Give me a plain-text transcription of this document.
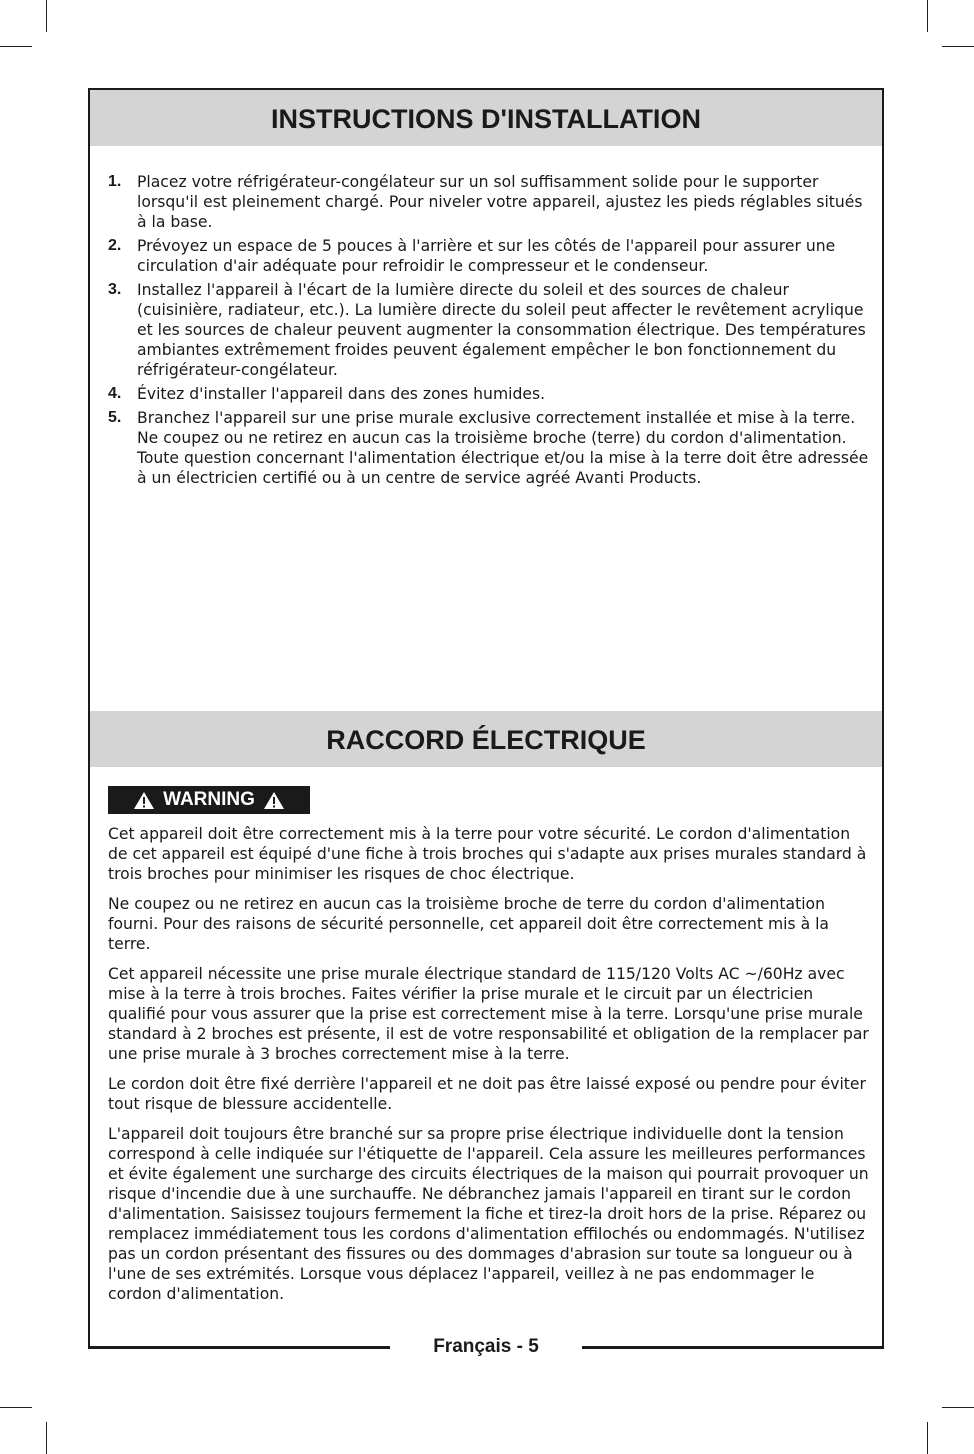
INSTRUCTIONS D'INSTALLATION
1. Placez votre réfrigérateur-congélateur sur un sol suffisamment solide pour le supporter lorsqu'il est pleinement chargé. Pour niveler votre appareil, ajustez les pieds réglables situés à la base.
2. Prévoyez un espace de 5 pouces à l'arrière et sur les côtés de l'appareil pour assurer une circulation d'air adéquate pour refroidir le compresseur et le condenseur.
3. Installez l'appareil à l'écart de la lumière directe du soleil et des sources de chaleur (cuisinière, radiateur, etc.). La lumière directe du soleil peut affecter le revêtement acrylique et les sources de chaleur peuvent augmenter la consommation électrique. Des températures ambiantes extrêmement froides peuvent également empêcher le bon fonctionnement du réfrigérateur-congélateur.
4. Évitez d'installer l'appareil dans des zones humides.
5. Branchez l'appareil sur une prise murale exclusive correctement installée et mise à la terre. Ne coupez ou ne retirez en aucun cas la troisième broche (terre) du cordon d'alimentation. Toute question concernant l'alimentation électrique et/ou la mise à la terre doit être adressée à un électricien certifié ou à un centre de service agréé Avanti Products.
RACCORD ÉLECTRIQUE
WARNING

Cet appareil doit être correctement mis à la terre pour votre sécurité. Le cordon d'alimentation de cet appareil est équipé d'une fiche à trois broches qui s'adapte aux prises murales standard à trois broches pour minimiser les risques de choc électrique.

Ne coupez ou ne retirez en aucun cas la troisième broche de terre du cordon d'alimentation fourni. Pour des raisons de sécurité personnelle, cet appareil doit être correctement mis à la terre.

Cet appareil nécessite une prise murale électrique standard de 115/120 Volts AC ~/60Hz avec mise à la terre à trois broches. Faites vérifier la prise murale et le circuit par un électricien qualifié pour vous assurer que la prise est correctement mise à la terre. Lorsqu'une prise murale standard à 2 broches est présente, il est de votre responsabilité et obligation de la remplacer par une prise murale à 3 broches correctement mise à la terre.

Le cordon doit être fixé derrière l'appareil et ne doit pas être laissé exposé ou pendre pour éviter tout risque de blessure accidentelle.

L'appareil doit toujours être branché sur sa propre prise électrique individuelle dont la tension correspond à celle indiquée sur l'étiquette de l'appareil. Cela assure les meilleures performances et évite également une surcharge des circuits électriques de la maison qui pourrait provoquer un risque d'incendie due à une surchauffe. Ne débranchez jamais l'appareil en tirant sur le cordon d'alimentation. Saisissez toujours fermement la fiche et tirez-la droit hors de la prise. Réparez ou remplacez immédiatement tous les cordons d'alimentation effilochés ou endommagés. N'utilisez pas un cordon présentant des fissures ou des dommages d'abrasion sur toute sa longueur ou à l'une de ses extrémités. Lorsque vous déplacez l'appareil, veillez à ne pas endommager le cordon d'alimentation.

Français - 5
